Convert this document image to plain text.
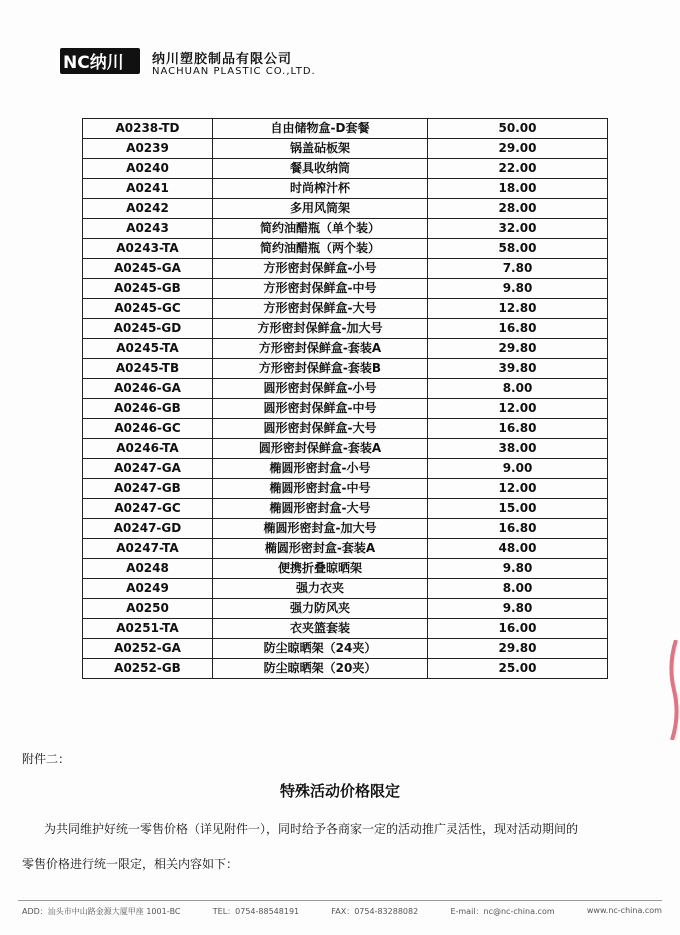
NC纳川 纳川塑胶制品有限公司
NACHUAN PLASTIC CO.,LTD.
A0238-TD	自由储物盒-D套餐	50.00
A0239	锅盖砧板架	29.00
A0240	餐具收纳筒	22.00
A0241	时尚榨汁杯	18.00
A0242	多用风筒架	28.00
A0243	简约油醋瓶（单个装）	32.00
A0243-TA	简约油醋瓶（两个装）	58.00
A0245-GA	方形密封保鲜盒-小号	7.80
A0245-GB	方形密封保鲜盒-中号	9.80
A0245-GC	方形密封保鲜盒-大号	12.80
A0245-GD	方形密封保鲜盒-加大号	16.80
A0245-TA	方形密封保鲜盒-套装A	29.80
A0245-TB	方形密封保鲜盒-套装B	39.80
A0246-GA	圆形密封保鲜盒-小号	8.00
A0246-GB	圆形密封保鲜盒-中号	12.00
A0246-GC	圆形密封保鲜盒-大号	16.80
A0246-TA	圆形密封保鲜盒-套装A	38.00
A0247-GA	椭圆形密封盒-小号	9.00
A0247-GB	椭圆形密封盒-中号	12.00
A0247-GC	椭圆形密封盒-大号	15.00
A0247-GD	椭圆形密封盒-加大号	16.80
A0247-TA	椭圆形密封盒-套装A	48.00
A0248	便携折叠晾晒架	9.80
A0249	强力衣夹	8.00
A0250	强力防风夹	9.80
A0251-TA	衣夹篮套装	16.00
A0252-GA	防尘晾晒架（24夹）	29.80
A0252-GB	防尘晾晒架（20夹）	25.00
附件二：
特殊活动价格限定
为共同维护好统一零售价格（详见附件一），同时给予各商家一定的活动推广灵活性，现对活动期间的
零售价格进行统一限定，相关内容如下：
ADD：汕头市中山路金源大厦甲座 1001-BC	TEL：0754-88548191	FAX：0754-83288082	E-mail：nc@nc-china.com	www.nc-china.com
